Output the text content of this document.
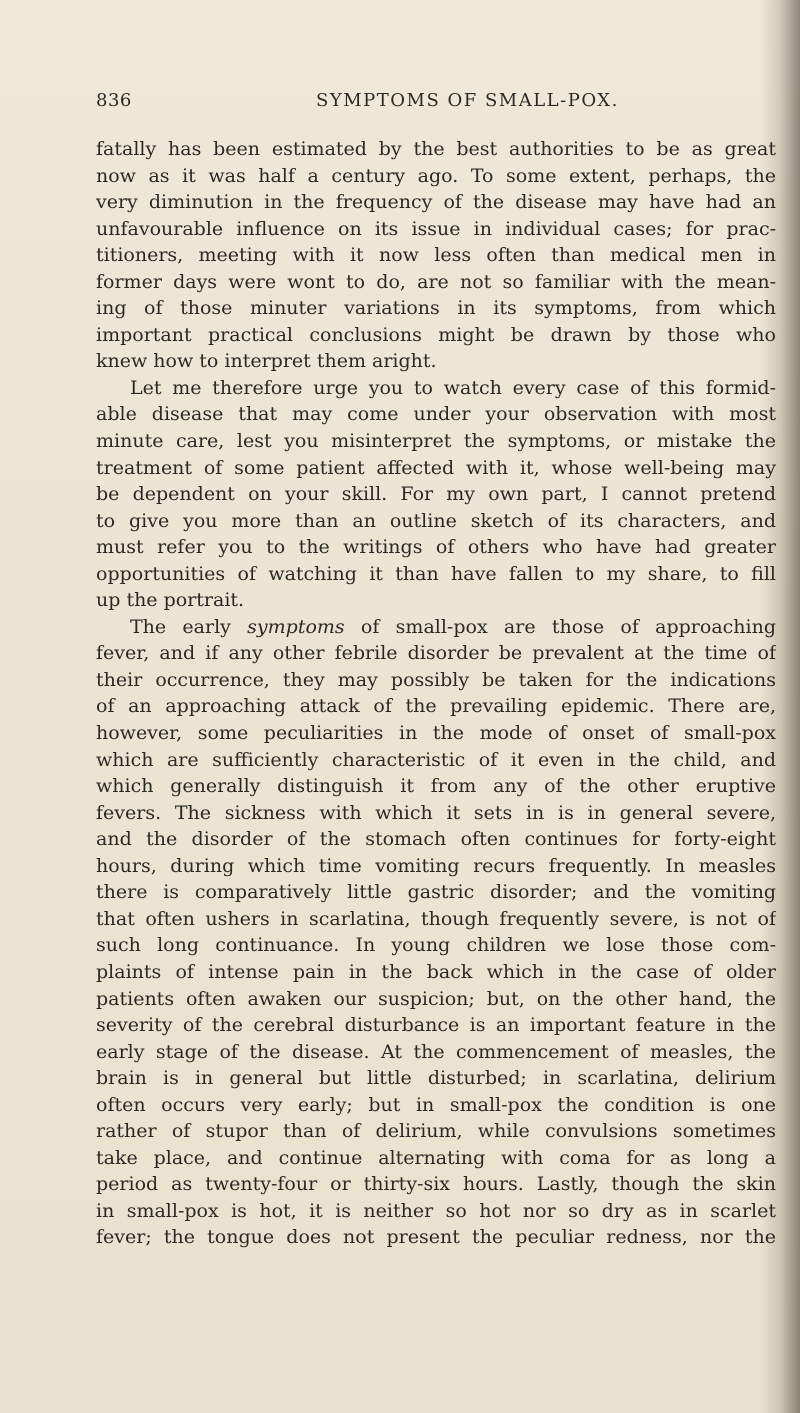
836	SYMPTOMS OF SMALL-POX.
fatally has been estimated by the best authorities to be as great
now as it was half a century ago. To some extent, perhaps, the
very diminution in the frequency of the disease may have had an
unfavourable influence on its issue in individual cases; for prac-
titioners, meeting with it now less often than medical men in
former days were wont to do, are not so familiar with the mean-
ing of those minuter variations in its symptoms, from which
important practical conclusions might be drawn by those who
knew how to interpret them aright.
Let me therefore urge you to watch every case of this formid-
able disease that may come under your observation with most
minute care, lest you misinterpret the symptoms, or mistake the
treatment of some patient affected with it, whose well-being may
be dependent on your skill. For my own part, I cannot pretend
to give you more than an outline sketch of its characters, and
must refer you to the writings of others who have had greater
opportunities of watching it than have fallen to my share, to fill
up the portrait.
The early symptoms of small-pox are those of approaching
fever, and if any other febrile disorder be prevalent at the time of
their occurrence, they may possibly be taken for the indications
of an approaching attack of the prevailing epidemic. There are,
however, some peculiarities in the mode of onset of small-pox
which are sufficiently characteristic of it even in the child, and
which generally distinguish it from any of the other eruptive
fevers. The sickness with which it sets in is in general severe,
and the disorder of the stomach often continues for forty-eight
hours, during which time vomiting recurs frequently. In measles
there is comparatively little gastric disorder; and the vomiting
that often ushers in scarlatina, though frequently severe, is not of
such long continuance. In young children we lose those com-
plaints of intense pain in the back which in the case of older
patients often awaken our suspicion; but, on the other hand, the
severity of the cerebral disturbance is an important feature in the
early stage of the disease. At the commencement of measles, the
brain is in general but little disturbed; in scarlatina, delirium
often occurs very early; but in small-pox the condition is one
rather of stupor than of delirium, while convulsions sometimes
take place, and continue alternating with coma for as long a
period as twenty-four or thirty-six hours. Lastly, though the skin
in small-pox is hot, it is neither so hot nor so dry as in scarlet
fever; the tongue does not present the peculiar redness, nor the
